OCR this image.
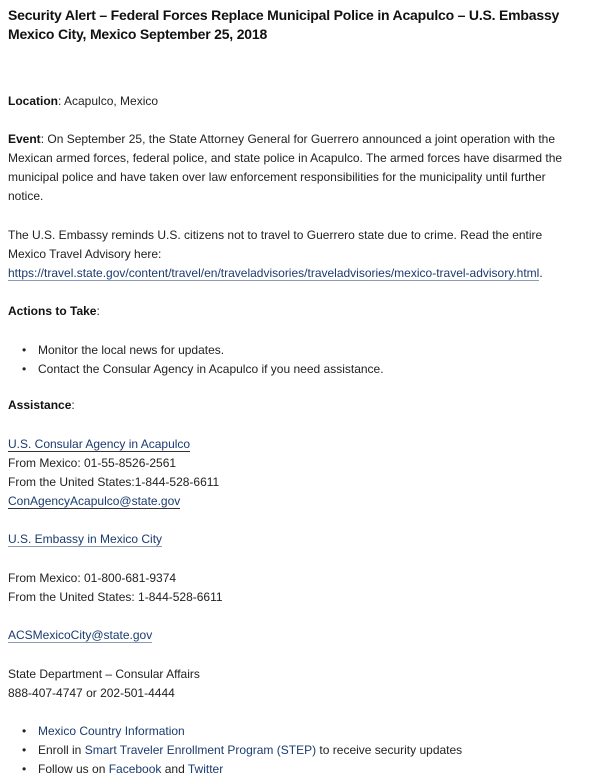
Security Alert – Federal Forces Replace Municipal Police in Acapulco – U.S. Embassy Mexico City, Mexico September 25, 2018
Location: Acapulco, Mexico
Event: On September 25, the State Attorney General for Guerrero announced a joint operation with the Mexican armed forces, federal police, and state police in Acapulco. The armed forces have disarmed the municipal police and have taken over law enforcement responsibilities for the municipality until further notice.
The U.S. Embassy reminds U.S. citizens not to travel to Guerrero state due to crime. Read the entire Mexico Travel Advisory here:
https://travel.state.gov/content/travel/en/traveladvisories/traveladvisories/mexico-travel-advisory.html.
Actions to Take:
• Monitor the local news for updates.
• Contact the Consular Agency in Acapulco if you need assistance.
Assistance:
U.S. Consular Agency in Acapulco
From Mexico: 01-55-8526-2561
From the United States:1-844-528-6611
ConAgencyAcapulco@state.gov
U.S. Embassy in Mexico City
From Mexico: 01-800-681-9374
From the United States: 1-844-528-6611
ACSMexicoCity@state.gov
State Department – Consular Affairs
888-407-4747 or 202-501-4444
• Mexico Country Information
• Enroll in Smart Traveler Enrollment Program (STEP) to receive security updates
• Follow us on Facebook and Twitter
